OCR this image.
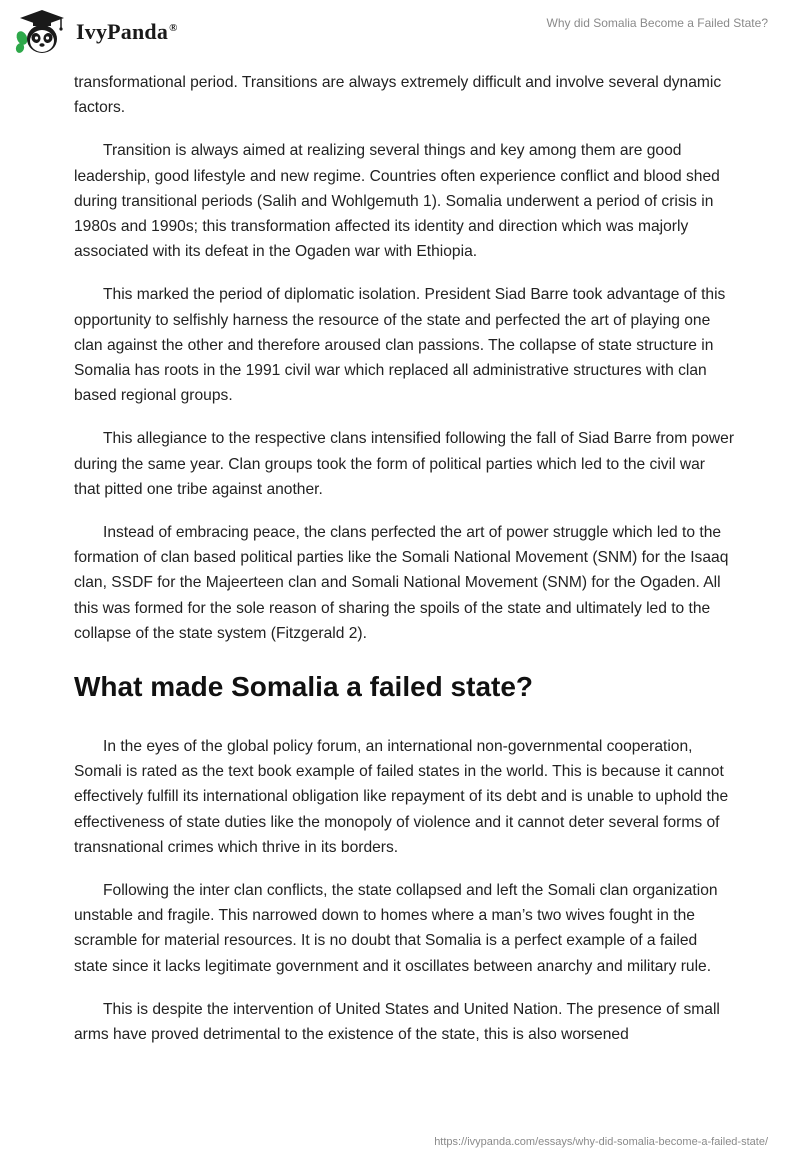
IvyPanda®	Why did Somalia Become a Failed State?

transformational period. Transitions are always extremely difficult and involve several dynamic factors.

Transition is always aimed at realizing several things and key among them are good leadership, good lifestyle and new regime. Countries often experience conflict and blood shed during transitional periods (Salih and Wohlgemuth 1). Somalia underwent a period of crisis in 1980s and 1990s; this transformation affected its identity and direction which was majorly associated with its defeat in the Ogaden war with Ethiopia.

This marked the period of diplomatic isolation. President Siad Barre took advantage of this opportunity to selfishly harness the resource of the state and perfected the art of playing one clan against the other and therefore aroused clan passions. The collapse of state structure in Somalia has roots in the 1991 civil war which replaced all administrative structures with clan based regional groups.

This allegiance to the respective clans intensified following the fall of Siad Barre from power during the same year. Clan groups took the form of political parties which led to the civil war that pitted one tribe against another.

Instead of embracing peace, the clans perfected the art of power struggle which led to the formation of clan based political parties like the Somali National Movement (SNM) for the Isaaq clan, SSDF for the Majeerteen clan and Somali National Movement (SNM) for the Ogaden. All this was formed for the sole reason of sharing the spoils of the state and ultimately led to the collapse of the state system (Fitzgerald 2).

What made Somalia a failed state?

In the eyes of the global policy forum, an international non-governmental cooperation, Somali is rated as the text book example of failed states in the world. This is because it cannot effectively fulfill its international obligation like repayment of its debt and is unable to uphold the effectiveness of state duties like the monopoly of violence and it cannot deter several forms of transnational crimes which thrive in its borders.

Following the inter clan conflicts, the state collapsed and left the Somali clan organization unstable and fragile. This narrowed down to homes where a man’s two wives fought in the scramble for material resources. It is no doubt that Somalia is a perfect example of a failed state since it lacks legitimate government and it oscillates between anarchy and military rule.

This is despite the intervention of United States and United Nation. The presence of small arms have proved detrimental to the existence of the state, this is also worsened

https://ivypanda.com/essays/why-did-somalia-become-a-failed-state/
